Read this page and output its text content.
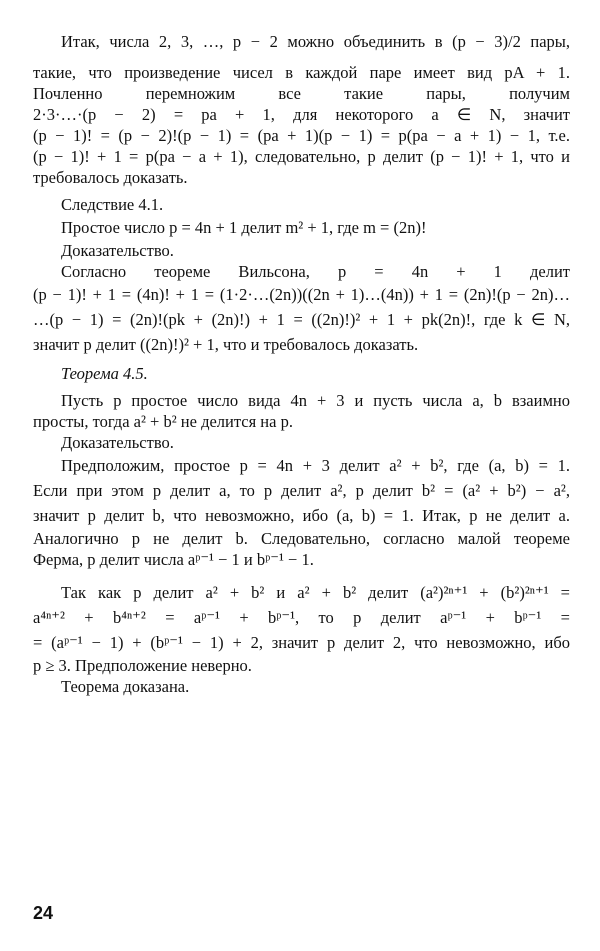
Итак, числа 2, 3, …, p − 2 можно объединить в (p − 3)/2 пары,

такие, что произведение чисел в каждой паре имеет вид pA + 1.

Почленно перемножим все такие пары, получим

2·3·…·(p − 2) = pa + 1, для некоторого a ∈ N, значит

(p − 1)! = (p − 2)!(p − 1) = (pa + 1)(p − 1) = p(pa − a + 1) − 1, т.е.

(p − 1)! + 1 = p(pa − a + 1), следовательно, p делит (p − 1)! + 1, что и

требовалось доказать.

Следствие 4.1.

Простое число p = 4n + 1 делит m² + 1, где m = (2n)!

Доказательство.

Согласно теореме Вильсона, p = 4n + 1 делит

(p − 1)! + 1 = (4n)! + 1 = (1·2·…(2n))((2n + 1)…(4n)) + 1 = (2n)!(p − 2n)…

…(p − 1) = (2n)!(pk + (2n)!) + 1 = ((2n)!)² + 1 + pk(2n)!, где k ∈ N,

значит p делит ((2n)!)² + 1, что и требовалось доказать.

Теорема 4.5.

Пусть p простое число вида 4n + 3 и пусть числа a, b взаимно

просты, тогда a² + b² не делится на p.

Доказательство.

Предположим, простое p = 4n + 3 делит a² + b², где (a, b) = 1.

Если при этом p делит a, то p делит a², p делит b² = (a² + b²) − a²,

значит p делит b, что невозможно, ибо (a, b) = 1. Итак, p не делит a.

Аналогично p не делит b. Следовательно, согласно малой теореме

Ферма, p делит числа aᵖ⁻¹ − 1 и bᵖ⁻¹ − 1.

Так как p делит a² + b² и a² + b² делит (a²)²ⁿ⁺¹ + (b²)²ⁿ⁺¹ =

a⁴ⁿ⁺² + b⁴ⁿ⁺² = aᵖ⁻¹ + bᵖ⁻¹, то p делит aᵖ⁻¹ + bᵖ⁻¹ =

= (aᵖ⁻¹ − 1) + (bᵖ⁻¹ − 1) + 2, значит p делит 2, что невозможно, ибо

p ≥ 3. Предположение неверно.

Теорема доказана.

24
